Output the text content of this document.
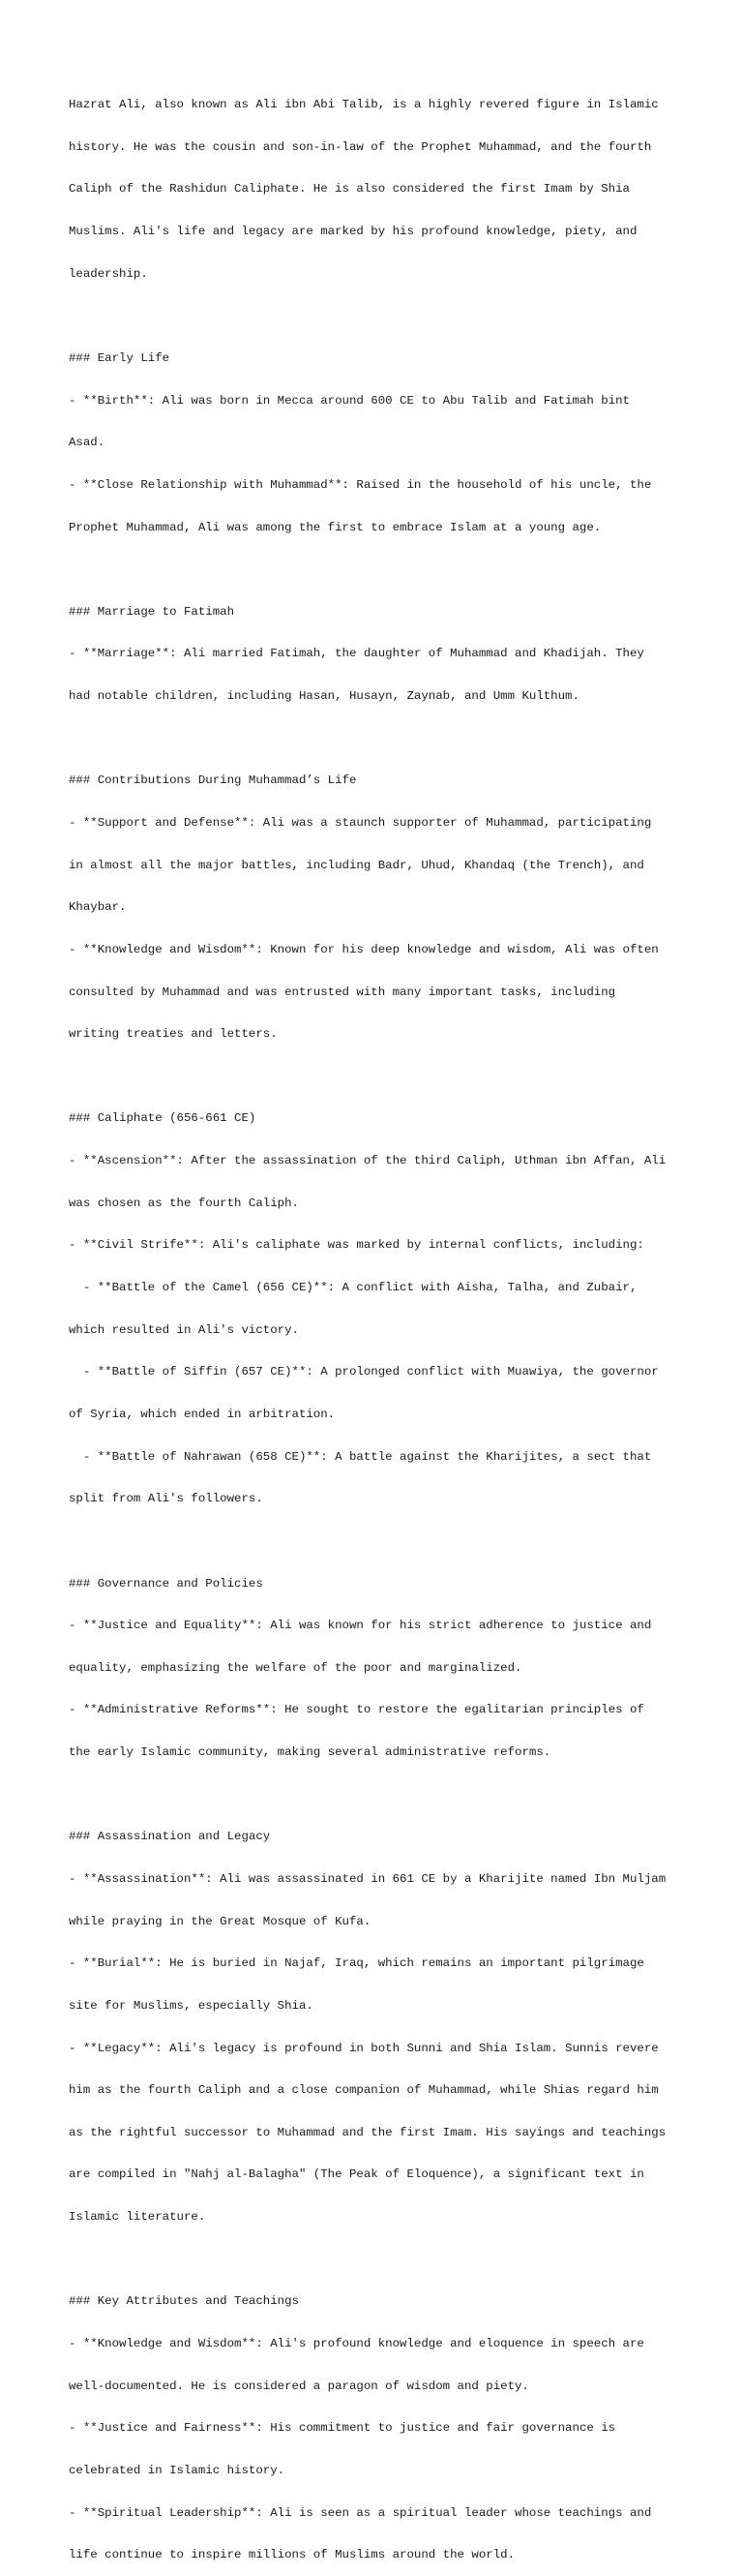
Hazrat Ali, also known as Ali ibn Abi Talib, is a highly revered figure in Islamic

history. He was the cousin and son-in-law of the Prophet Muhammad, and the fourth

Caliph of the Rashidun Caliphate. He is also considered the first Imam by Shia

Muslims. Ali's life and legacy are marked by his profound knowledge, piety, and

leadership.

### Early Life

- **Birth**: Ali was born in Mecca around 600 CE to Abu Talib and Fatimah bint

Asad.

- **Close Relationship with Muhammad**: Raised in the household of his uncle, the

Prophet Muhammad, Ali was among the first to embrace Islam at a young age.

### Marriage to Fatimah

- **Marriage**: Ali married Fatimah, the daughter of Muhammad and Khadijah. They

had notable children, including Hasan, Husayn, Zaynab, and Umm Kulthum.

### Contributions During Muhammad’s Life

- **Support and Defense**: Ali was a staunch supporter of Muhammad, participating

in almost all the major battles, including Badr, Uhud, Khandaq (the Trench), and

Khaybar.

- **Knowledge and Wisdom**: Known for his deep knowledge and wisdom, Ali was often

consulted by Muhammad and was entrusted with many important tasks, including

writing treaties and letters.

### Caliphate (656-661 CE)

- **Ascension**: After the assassination of the third Caliph, Uthman ibn Affan, Ali

was chosen as the fourth Caliph.

- **Civil Strife**: Ali's caliphate was marked by internal conflicts, including:

- **Battle of the Camel (656 CE)**: A conflict with Aisha, Talha, and Zubair,

which resulted in Ali's victory.

- **Battle of Siffin (657 CE)**: A prolonged conflict with Muawiya, the governor

of Syria, which ended in arbitration.

- **Battle of Nahrawan (658 CE)**: A battle against the Kharijites, a sect that

split from Ali's followers.

### Governance and Policies

- **Justice and Equality**: Ali was known for his strict adherence to justice and

equality, emphasizing the welfare of the poor and marginalized.

- **Administrative Reforms**: He sought to restore the egalitarian principles of

the early Islamic community, making several administrative reforms.

### Assassination and Legacy

- **Assassination**: Ali was assassinated in 661 CE by a Kharijite named Ibn Muljam

while praying in the Great Mosque of Kufa.

- **Burial**: He is buried in Najaf, Iraq, which remains an important pilgrimage

site for Muslims, especially Shia.

- **Legacy**: Ali's legacy is profound in both Sunni and Shia Islam. Sunnis revere

him as the fourth Caliph and a close companion of Muhammad, while Shias regard him

as the rightful successor to Muhammad and the first Imam. His sayings and teachings

are compiled in "Nahj al-Balagha" (The Peak of Eloquence), a significant text in

Islamic literature.

### Key Attributes and Teachings

- **Knowledge and Wisdom**: Ali's profound knowledge and eloquence in speech are

well-documented. He is considered a paragon of wisdom and piety.

- **Justice and Fairness**: His commitment to justice and fair governance is

celebrated in Islamic history.

- **Spiritual Leadership**: Ali is seen as a spiritual leader whose teachings and

life continue to inspire millions of Muslims around the world.
